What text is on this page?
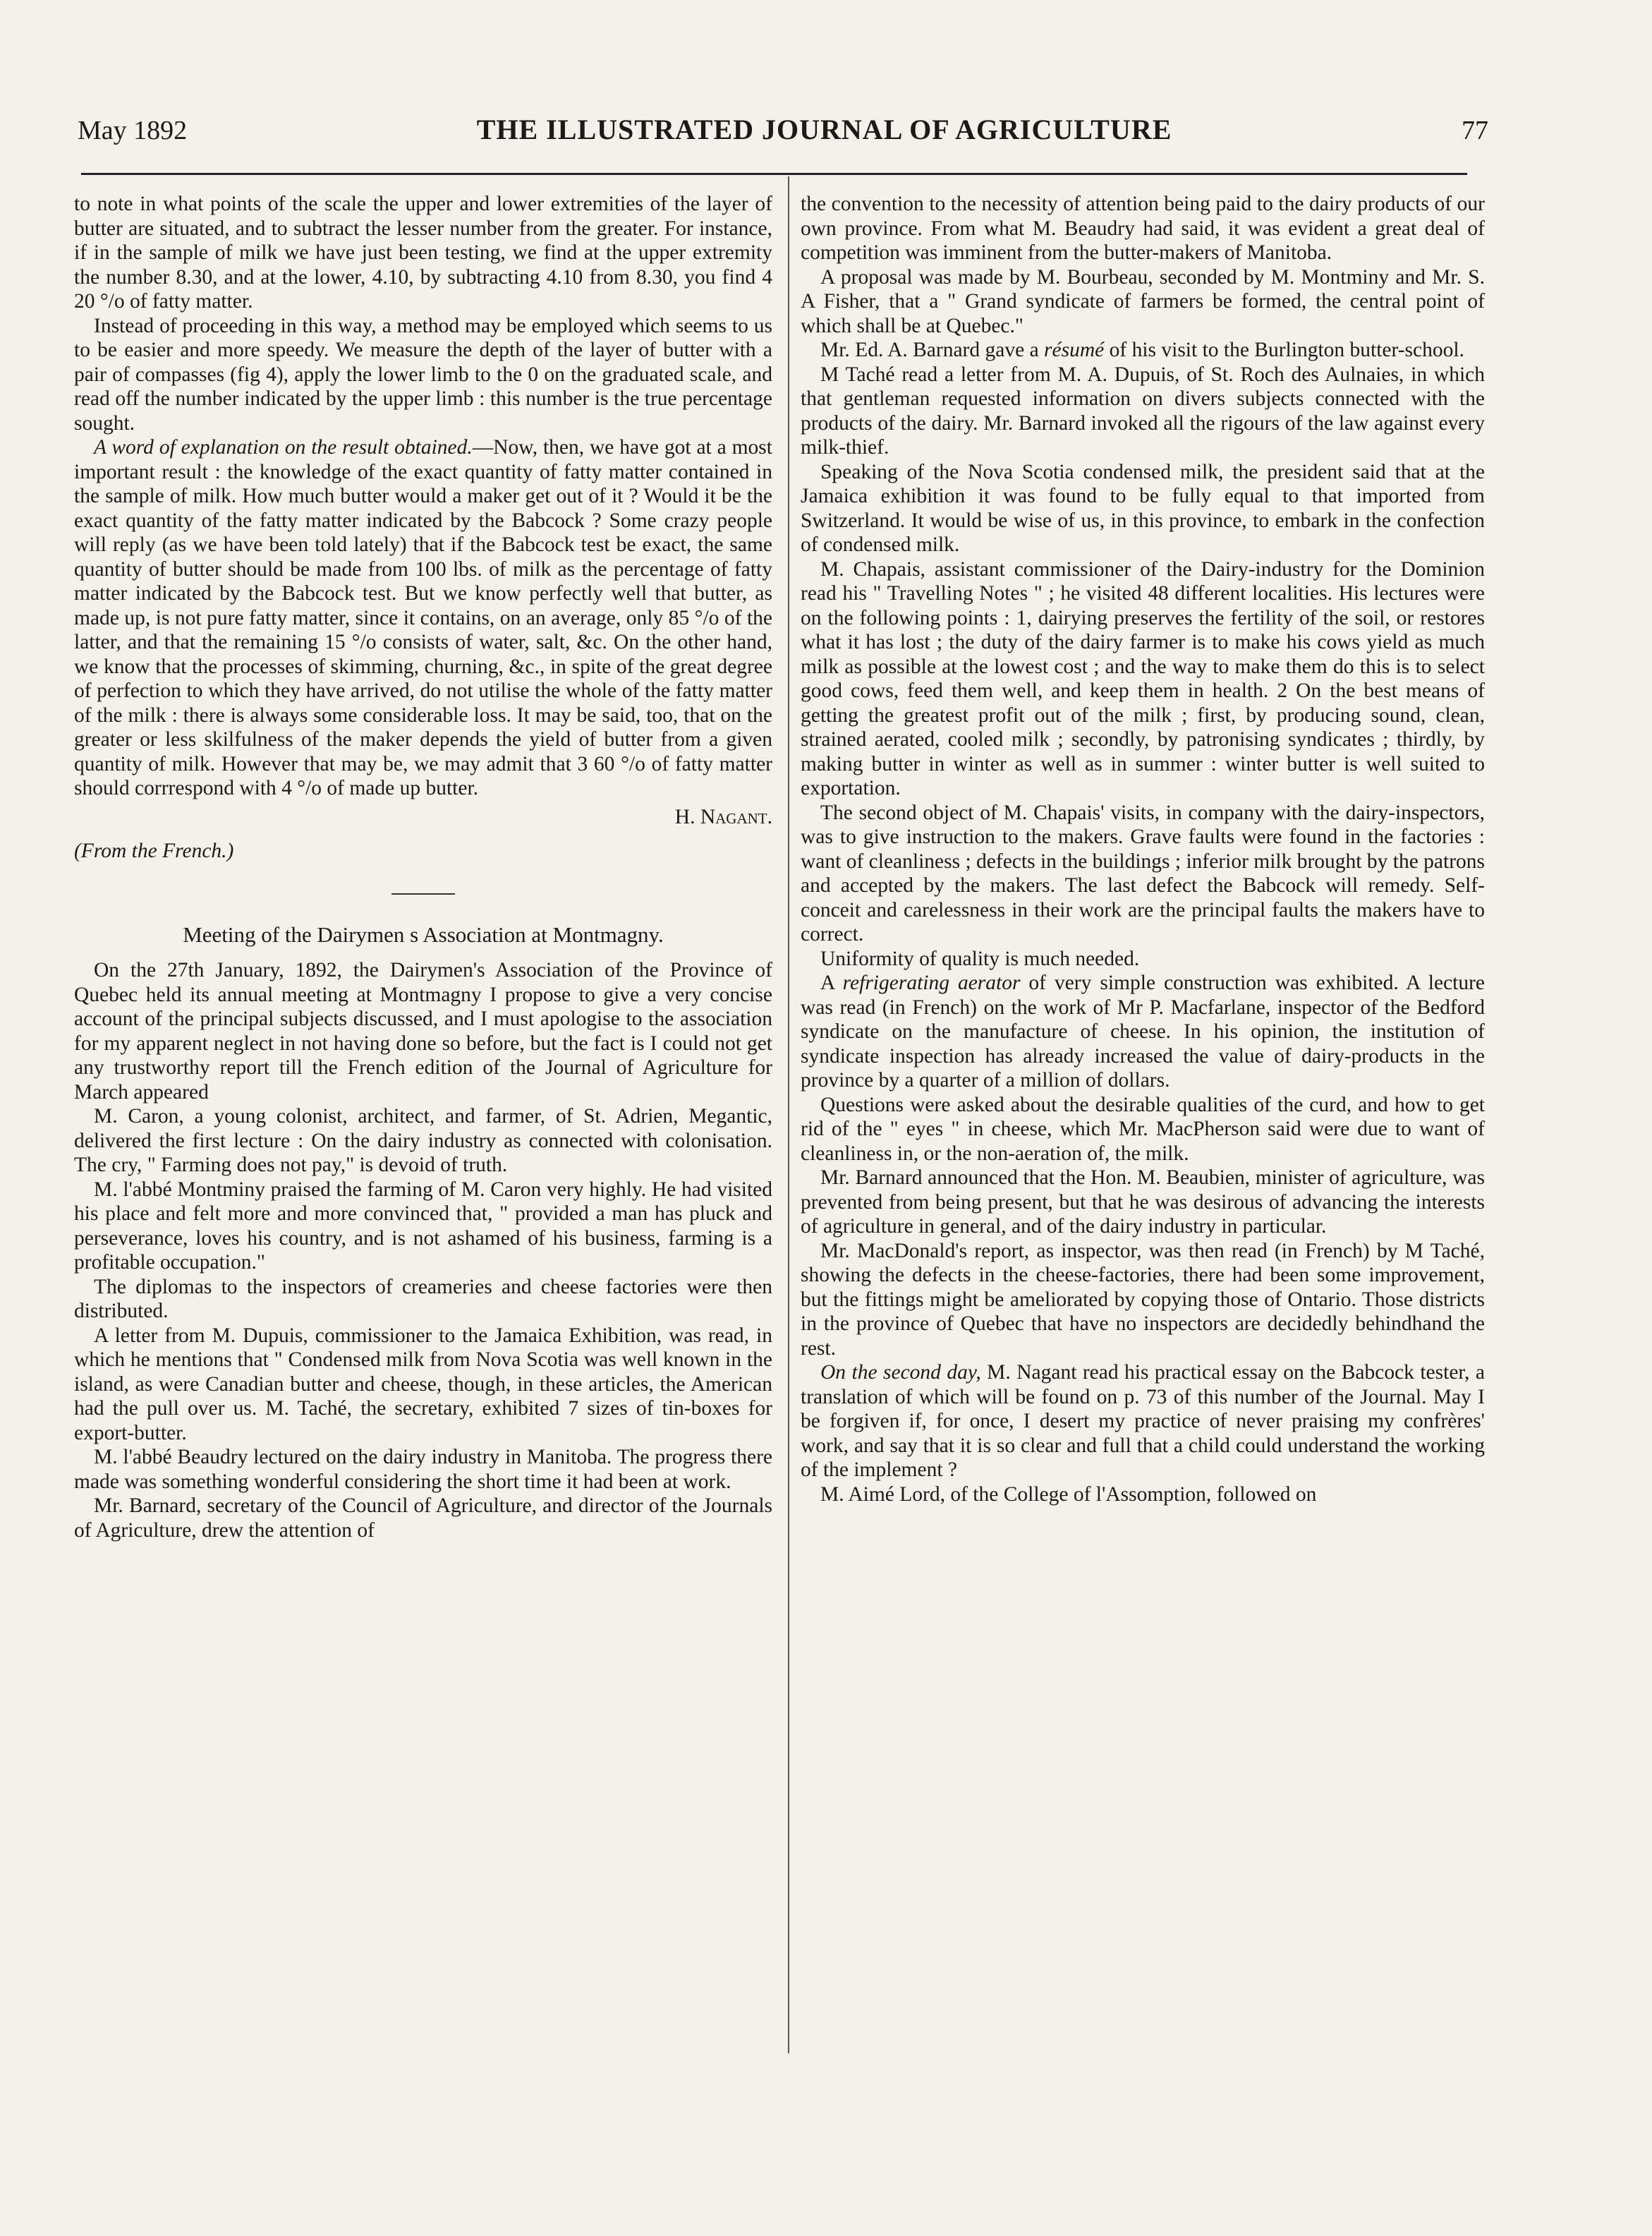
May 1892	THE ILLUSTRATED JOURNAL OF AGRICULTURE	77

to note in what points of the scale the upper and lower extremities of the layer of butter are situated, and to subtract the lesser number from the greater. For instance, if in the sample of milk we have just been testing, we find at the upper extremity the number 8.30, and at the lower, 4.10, by subtracting 4.10 from 8.30, you find 4 20 °/o of fatty matter.

Instead of proceeding in this way, a method may be employed which seems to us to be easier and more speedy. We measure the depth of the layer of butter with a pair of compasses (fig 4), apply the lower limb to the 0 on the graduated scale, and read off the number indicated by the upper limb : this number is the true percentage sought.

A word of explanation on the result obtained.—Now, then, we have got at a most important result : the knowledge of the exact quantity of fatty matter contained in the sample of milk. How much butter would a maker get out of it ? Would it be the exact quantity of the fatty matter indicated by the Babcock ? Some crazy people will reply (as we have been told lately) that if the Babcock test be exact, the same quantity of butter should be made from 100 lbs. of milk as the percentage of fatty matter indicated by the Babcock test. But we know perfectly well that butter, as made up, is not pure fatty matter, since it contains, on an average, only 85 °/o of the latter, and that the remaining 15 °/o consists of water, salt, &c. On the other hand, we know that the processes of skimming, churning, &c., in spite of the great degree of perfection to which they have arrived, do not utilise the whole of the fatty matter of the milk : there is always some considerable loss. It may be said, too, that on the greater or less skilfulness of the maker depends the yield of butter from a given quantity of milk. However that may be, we may admit that 3 60 °/o of fatty matter should corrrespond with 4 °/o of made up butter.

H. Nagant.

(From the French.)

Meeting of the Dairymen s Association at Montmagny.

On the 27th January, 1892, the Dairymen's Association of the Province of Quebec held its annual meeting at Montmagny I propose to give a very concise account of the principal subjects discussed, and I must apologise to the association for my apparent neglect in not having done so before, but the fact is I could not get any trustworthy report till the French edition of the Journal of Agriculture for March appeared

M. Caron, a young colonist, architect, and farmer, of St. Adrien, Megantic, delivered the first lecture : On the dairy industry as connected with colonisation. The cry, " Farming does not pay," is devoid of truth.

M. l'abbé Montminy praised the farming of M. Caron very highly. He had visited his place and felt more and more convinced that, " provided a man has pluck and perseverance, loves his country, and is not ashamed of his business, farming is a profitable occupation."

The diplomas to the inspectors of creameries and cheese factories were then distributed.

A letter from M. Dupuis, commissioner to the Jamaica Exhibition, was read, in which he mentions that " Condensed milk from Nova Scotia was well known in the island, as were Canadian butter and cheese, though, in these articles, the American had the pull over us. M. Taché, the secretary, exhibited 7 sizes of tin-boxes for export-butter.

M. l'abbé Beaudry lectured on the dairy industry in Manitoba. The progress there made was something wonderful considering the short time it had been at work.

Mr. Barnard, secretary of the Council of Agriculture, and director of the Journals of Agriculture, drew the attention of

the convention to the necessity of attention being paid to the dairy products of our own province. From what M. Beaudry had said, it was evident a great deal of competition was imminent from the butter-makers of Manitoba.

A proposal was made by M. Bourbeau, seconded by M. Montminy and Mr. S. A Fisher, that a " Grand syndicate of farmers be formed, the central point of which shall be at Quebec."

Mr. Ed. A. Barnard gave a résumé of his visit to the Burlington butter-school.

M Taché read a letter from M. A. Dupuis, of St. Roch des Aulnaies, in which that gentleman requested information on divers subjects connected with the products of the dairy. Mr. Barnard invoked all the rigours of the law against every milk-thief.

Speaking of the Nova Scotia condensed milk, the president said that at the Jamaica exhibition it was found to be fully equal to that imported from Switzerland. It would be wise of us, in this province, to embark in the confection of condensed milk.

M. Chapais, assistant commissioner of the Dairy-industry for the Dominion read his " Travelling Notes " ; he visited 48 different localities. His lectures were on the following points : 1, dairying preserves the fertility of the soil, or restores what it has lost ; the duty of the dairy farmer is to make his cows yield as much milk as possible at the lowest cost ; and the way to make them do this is to select good cows, feed them well, and keep them in health. 2 On the best means of getting the greatest profit out of the milk ; first, by producing sound, clean, strained aerated, cooled milk ; secondly, by patronising syndicates ; thirdly, by making butter in winter as well as in summer : winter butter is well suited to exportation.

The second object of M. Chapais' visits, in company with the dairy-inspectors, was to give instruction to the makers. Grave faults were found in the factories : want of cleanliness ; defects in the buildings ; inferior milk brought by the patrons and accepted by the makers. The last defect the Babcock will remedy. Self-conceit and carelessness in their work are the principal faults the makers have to correct.

Uniformity of quality is much needed.

A refrigerating aerator of very simple construction was exhibited. A lecture was read (in French) on the work of Mr P. Macfarlane, inspector of the Bedford syndicate on the manufacture of cheese. In his opinion, the institution of syndicate inspection has already increased the value of dairy-products in the province by a quarter of a million of dollars.

Questions were asked about the desirable qualities of the curd, and how to get rid of the " eyes " in cheese, which Mr. MacPherson said were due to want of cleanliness in, or the non-aeration of, the milk.

Mr. Barnard announced that the Hon. M. Beaubien, minister of agriculture, was prevented from being present, but that he was desirous of advancing the interests of agriculture in general, and of the dairy industry in particular.

Mr. MacDonald's report, as inspector, was then read (in French) by M Taché, showing the defects in the cheese-factories, there had been some improvement, but the fittings might be ameliorated by copying those of Ontario. Those districts in the province of Quebec that have no inspectors are decidedly behindhand the rest.

On the second day, M. Nagant read his practical essay on the Babcock tester, a translation of which will be found on p. 73 of this number of the Journal. May I be forgiven if, for once, I desert my practice of never praising my confrères' work, and say that it is so clear and full that a child could understand the working of the implement ?

M. Aimé Lord, of the College of l'Assomption, followed on
